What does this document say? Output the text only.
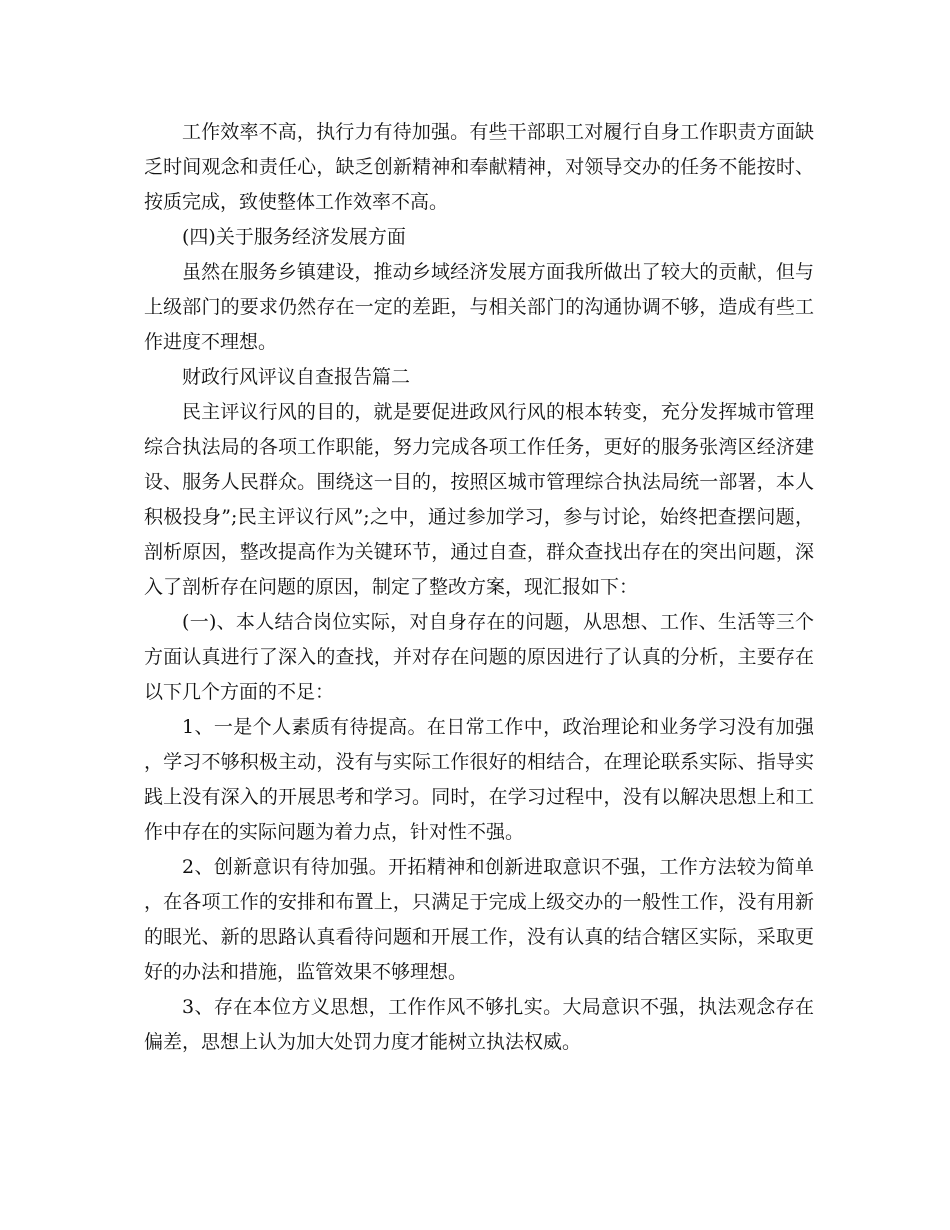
工作效率不高，执行力有待加强。有些干部职工对履行自身工作职责方面缺乏时间观念和责任心，缺乏创新精神和奉献精神，对领导交办的任务不能按时、按质完成，致使整体工作效率不高。

(四)关于服务经济发展方面

虽然在服务乡镇建设，推动乡域经济发展方面我所做出了较大的贡献，但与上级部门的要求仍然存在一定的差距，与相关部门的沟通协调不够，造成有些工作进度不理想。

财政行风评议自查报告篇二

民主评议行风的目的，就是要促进政风行风的根本转变，充分发挥城市管理综合执法局的各项工作职能，努力完成各项工作任务，更好的服务张湾区经济建设、服务人民群众。围绕这一目的，按照区城市管理综合执法局统一部署，本人积极投身”;民主评议行风”;之中，通过参加学习，参与讨论，始终把查摆问题，剖析原因，整改提高作为关键环节，通过自查，群众查找出存在的突出问题，深入了剖析存在问题的原因，制定了整改方案，现汇报如下：

(一)、本人结合岗位实际，对自身存在的问题，从思想、工作、生活等三个方面认真进行了深入的查找，并对存在问题的原因进行了认真的分析，主要存在以下几个方面的不足：

1、一是个人素质有待提高。在日常工作中，政治理论和业务学习没有加强，学习不够积极主动，没有与实际工作很好的相结合，在理论联系实际、指导实践上没有深入的开展思考和学习。同时，在学习过程中，没有以解决思想上和工作中存在的实际问题为着力点，针对性不强。

2、创新意识有待加强。开拓精神和创新进取意识不强，工作方法较为简单，在各项工作的安排和布置上，只满足于完成上级交办的一般性工作，没有用新的眼光、新的思路认真看待问题和开展工作，没有认真的结合辖区实际，采取更好的办法和措施，监管效果不够理想。

3、存在本位方义思想，工作作风不够扎实。大局意识不强，执法观念存在偏差，思想上认为加大处罚力度才能树立执法权威。
